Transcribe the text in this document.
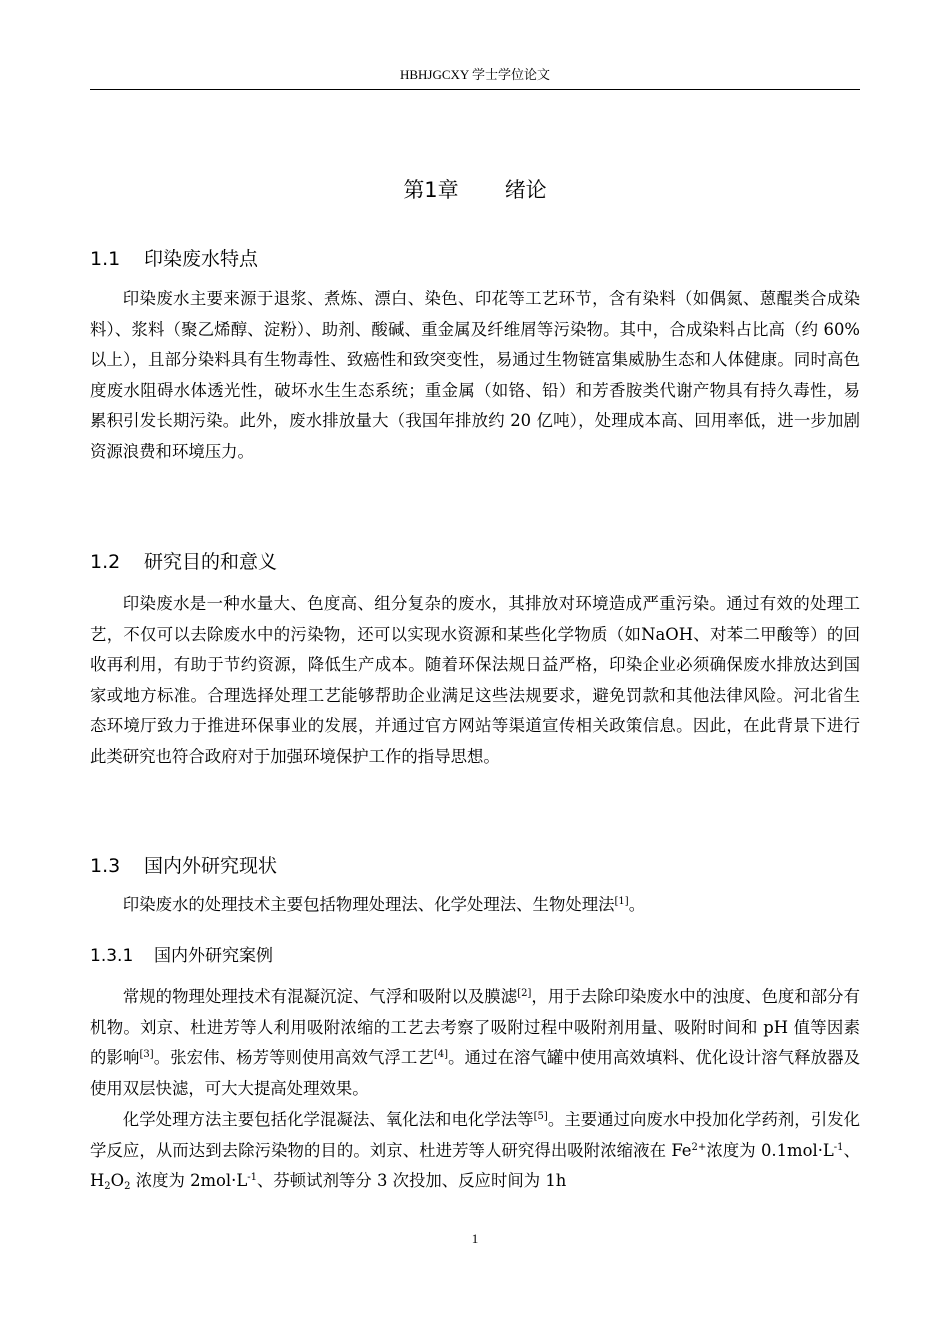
HBHJGCXY 学士学位论文
第1章 绪论
1.1 印染废水特点

印染废水主要来源于退浆、煮炼、漂白、染色、印花等工艺环节，含有染料（如偶氮、蒽醌类合成染料）、浆料（聚乙烯醇、淀粉）、助剂、酸碱、重金属及纤维屑等污染物。其中，合成染料占比高（约 60%以上），且部分染料具有生物毒性、致癌性和致突变性，易通过生物链富集威胁生态和人体健康。同时高色度废水阻碍水体透光性，破坏水生生态系统；重金属（如铬、铅）和芳香胺类代谢产物具有持久毒性，易累积引发长期污染。此外，废水排放量大（我国年排放约 20 亿吨），处理成本高、回用率低，进一步加剧资源浪费和环境压力。

1.2 研究目的和意义

印染废水是一种水量大、色度高、组分复杂的废水，其排放对环境造成严重污染。通过有效的处理工艺，不仅可以去除废水中的污染物，还可以实现水资源和某些化学物质（如NaOH、对苯二甲酸等）的回收再利用，有助于节约资源，降低生产成本。随着环保法规日益严格，印染企业必须确保废水排放达到国家或地方标准。合理选择处理工艺能够帮助企业满足这些法规要求，避免罚款和其他法律风险。河北省生态环境厅致力于推进环保事业的发展，并通过官方网站等渠道宣传相关政策信息。因此，在此背景下进行此类研究也符合政府对于加强环境保护工作的指导思想。

1.3 国内外研究现状

印染废水的处理技术主要包括物理处理法、化学处理法、生物处理法[1]。

1.3.1 国内外研究案例

常规的物理处理技术有混凝沉淀、气浮和吸附以及膜滤[2]，用于去除印染废水中的浊度、色度和部分有机物。刘京、杜进芳等人利用吸附浓缩的工艺去考察了吸附过程中吸附剂用量、吸附时间和 pH 值等因素的影响[3]。张宏伟、杨芳等则使用高效气浮工艺[4]。通过在溶气罐中使用高效填料、优化设计溶气释放器及使用双层快滤，可大大提高处理效果。

化学处理方法主要包括化学混凝法、氧化法和电化学法等[5]。主要通过向废水中投加化学药剂，引发化学反应，从而达到去除污染物的目的。刘京、杜进芳等人研究得出吸附浓缩液在 $Fe^{2+}$浓度为 $0.1mol\cdot L^{-1}$、$H_2O_2$ 浓度为 $2mol\cdot L^{-1}$、芬顿试剂等分 3 次投加、反应时间为 1h

1
